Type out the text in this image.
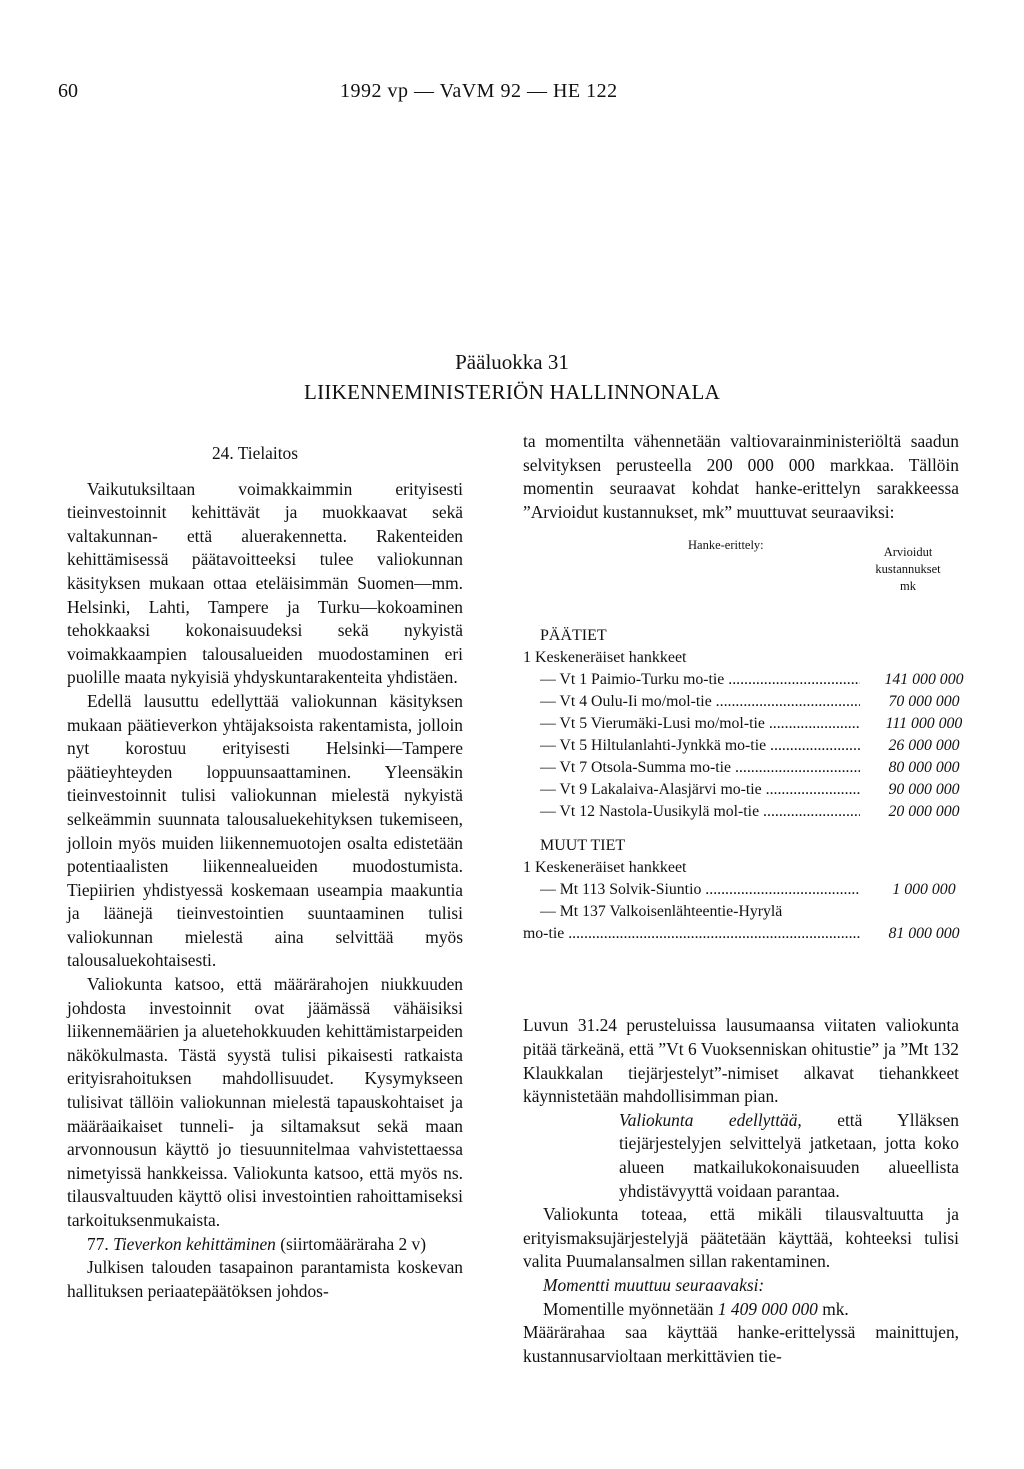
60	1992 vp — VaVM 92 — HE 122
Pääluokka 31
LIIKENNEMINISTERIÖN HALLINNONALA

24. Tielaitos

Vaikutuksiltaan voimakkaimmin erityisesti tieinvestoinnit kehittävät ja muokkaavat sekä valtakunnan- että aluerakennetta. Rakenteiden kehittämisessä päätavoitteeksi tulee valiokunnan käsityksen mukaan ottaa eteläisimmän Suomen—mm. Helsinki, Lahti, Tampere ja Turku—kokoaminen tehokkaaksi kokonaisuudeksi sekä nykyistä voimakkaampien talousalueiden muodostaminen eri puolille maata nykyisiä yhdyskuntarakenteita yhdistäen.

Edellä lausuttu edellyttää valiokunnan käsityksen mukaan päätieverkon yhtäjaksoista rakentamista, jolloin nyt korostuu erityisesti Helsinki—Tampere päätieyhteyden loppuunsaattaminen. Yleensäkin tieinvestoinnit tulisi valiokunnan mielestä nykyistä selkeämmin suunnata talousaluekehityksen tukemiseen, jolloin myös muiden liikennemuotojen osalta edistetään potentiaalisten liikennealueiden muodostumista. Tiepiirien yhdistyessä koskemaan useampia maakuntia ja läänejä tieinvestointien suuntaaminen tulisi valiokunnan mielestä aina selvittää myös talousaluekohtaisesti.

Valiokunta katsoo, että määrärahojen niukkuuden johdosta investoinnit ovat jäämässä vähäisiksi liikennemäärien ja aluetehokkuuden kehittämistarpeiden näkökulmasta. Tästä syystä tulisi pikaisesti ratkaista erityisrahoituksen mahdollisuudet. Kysymykseen tulisivat tällöin valiokunnan mielestä tapauskohtaiset ja määräaikaiset tunneli- ja siltamaksut sekä maan arvonnousun käyttö jo tiesuunnitelmaa vahvistettaessa nimetyissä hankkeissa. Valiokunta katsoo, että myös ns. tilausvaltuuden käyttö olisi investointien rahoittamiseksi tarkoituksenmukaista.

77. Tieverkon kehittäminen (siirtomääräraha 2 v)

Julkisen talouden tasapainon parantamista koskevan hallituksen periaatepäätöksen johdos-

ta momentilta vähennetään valtiovarainministeriöltä saadun selvityksen perusteella 200 000 000 markkaa. Tällöin momentin seuraavat kohdat hanke-erittelyn sarakkeessa ”Arvioidut kustannukset, mk” muuttuvat seuraaviksi:

Hanke-erittely:	Arvioidut
kustannukset
mk
PÄÄTIET
1 Keskeneräiset hankkeet
— Vt 1 Paimio-Turku mo-tie .....	141 000 000
— Vt 4 Oulu-Ii mo/mol-tie .....	70 000 000
— Vt 5 Vierumäki-Lusi mo/mol-tie .....	111 000 000
— Vt 5 Hiltulanlahti-Jynkkä mo-tie .....	26 000 000
— Vt 7 Otsola-Summa mo-tie .....	80 000 000
— Vt 9 Lakalaiva-Alasjärvi mo-tie .....	90 000 000
— Vt 12 Nastola-Uusikylä mol-tie .....	20 000 000
MUUT TIET
1 Keskeneräiset hankkeet
— Mt 113 Solvik-Siuntio .....	1 000 000
— Mt 137 Valkoisenlähteentie-Hyrylä
mo-tie .....	81 000 000

Luvun 31.24 perusteluissa lausumaansa viitaten valiokunta pitää tärkeänä, että ”Vt 6 Vuoksenniskan ohitustie” ja ”Mt 132 Klaukkalan tiejärjestelyt”-nimiset alkavat tiehankkeet käynnistetään mahdollisimman pian.

Valiokunta edellyttää, että Ylläksen tiejärjestelyjen selvittelyä jatketaan, jotta koko alueen matkailukokonaisuuden alueellista yhdistävyyttä voidaan parantaa.

Valiokunta toteaa, että mikäli tilausvaltuutta ja erityismaksujärjestelyjä päätetään käyttää, kohteeksi tulisi valita Puumalansalmen sillan rakentaminen.

Momentti muuttuu seuraavaksi:

Momentille myönnetään 1 409 000 000 mk.

Määrärahaa saa käyttää hanke-erittelyssä mainittujen, kustannusarvioltaan merkittävien tie-
